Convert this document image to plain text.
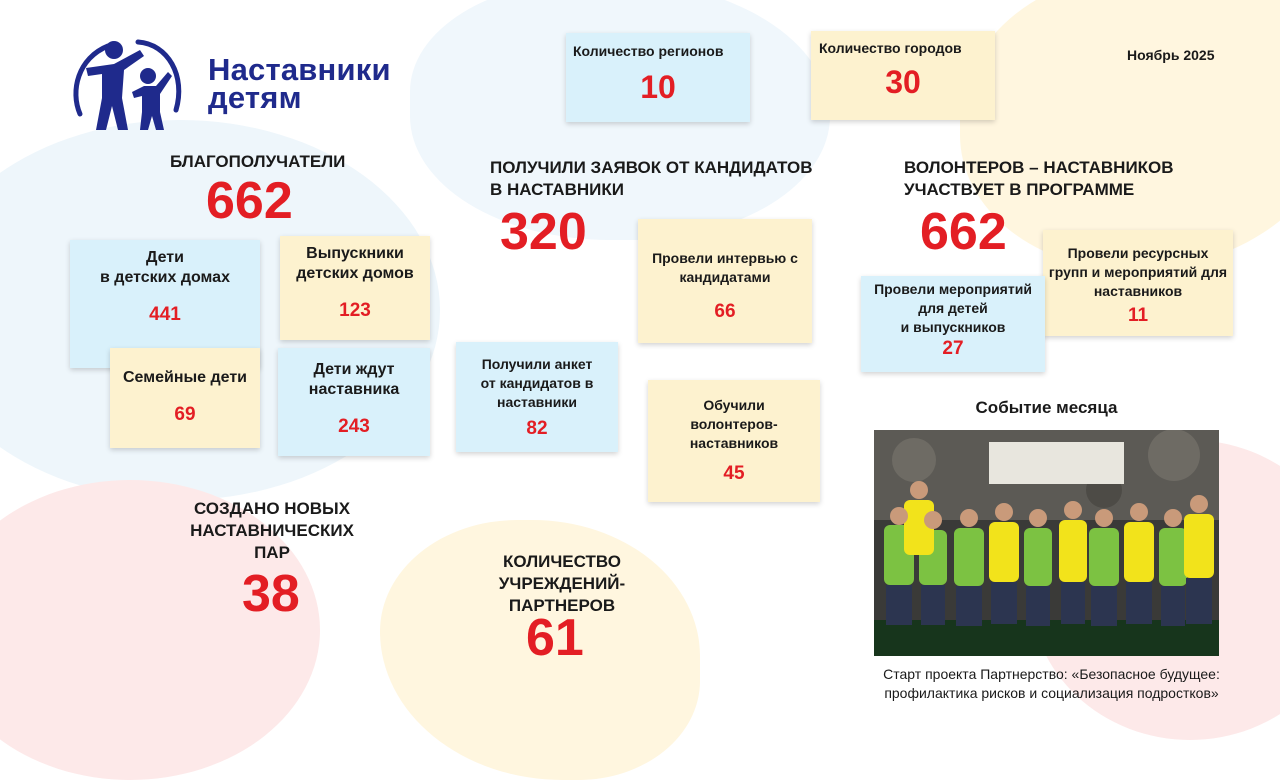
Наставники
детям
Количество регионов
10
Количество городов
30
Ноябрь 2025
БЛАГОПОЛУЧАТЕЛИ
662
Дети
в детских домах
441
Выпускники
детских домов
123
Семейные дети
69
Дети ждут
наставника
243
ПОЛУЧИЛИ ЗАЯВОК ОТ КАНДИДАТОВ
В НАСТАВНИКИ
320	Провели интервью с
кандидатами
66
Получили анкет
от кандидатов в
наставники
82
Обучили
волонтеров-
наставников
45
ВОЛОНТЕРОВ – НАСТАВНИКОВ
УЧАСТВУЕТ В ПРОГРАММЕ
662	Провели ресурсных
групп и мероприятий для
наставников
11
Провели мероприятий
для детей
и выпускников
27
СОЗДАНО НОВЫХ
НАСТАВНИЧЕСКИХ ПАР
38
КОЛИЧЕСТВО УЧРЕЖДЕНИЙ-
ПАРТНЕРОВ
61
Событие месяца
Старт проекта Партнерство: «Безопасное будущее:
профилактика рисков и социализация подростков»
